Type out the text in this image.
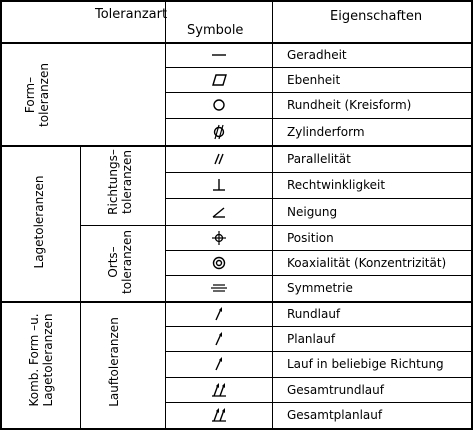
Toleranzart
Symbole
Eigenschaften
Form–
toleranzen
Lagetoleranzen	Richtungs–
toleranzen
Orts–
toleranzen
Komb. Form –u.
Lagetoleranzen	Lauftoleranzen
Geradheit
Ebenheit
Rundheit (Kreisform)
Zylinderform
Parallelität
Rechtwinkligkeit
Neigung
Position
Koaxialität (Konzentrizität)
Symmetrie
Rundlauf
Planlauf
Lauf in beliebige Richtung
Gesamtrundlauf
Gesamtplanlauf
